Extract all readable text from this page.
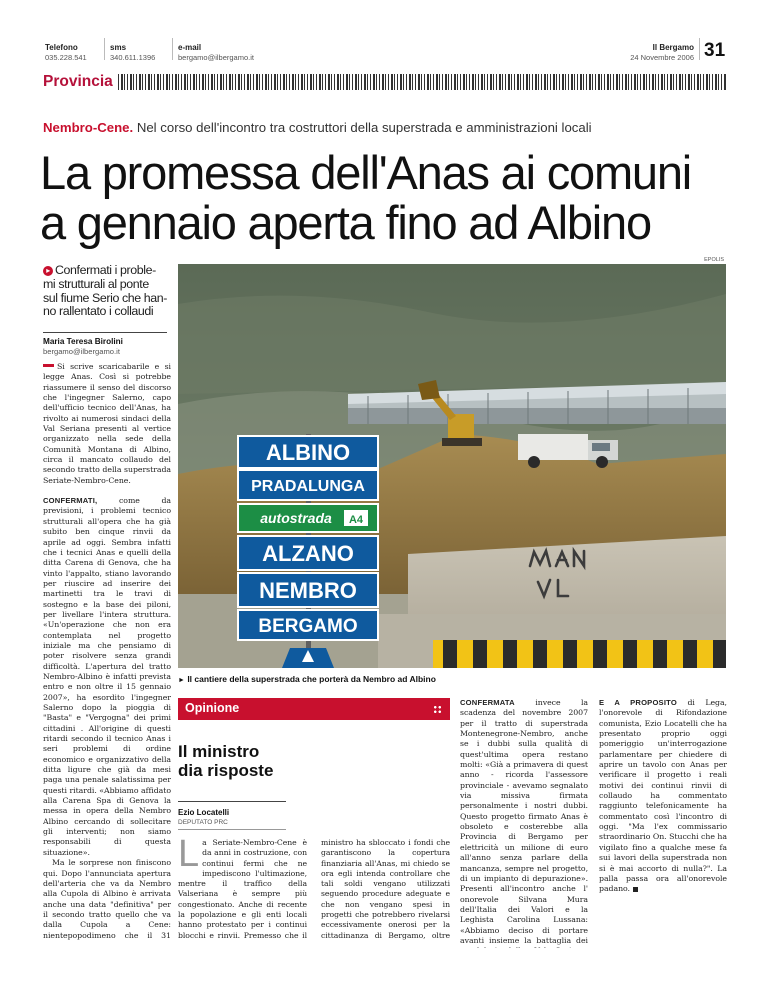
Telefono
035.228.541
sms
340.611.1396
e-mail
bergamo@ilbergamo.it
Il Bergamo
24 Novembre 2006 31
Provincia
Nembro-Cene. Nel corso dell'incontro tra costruttori della superstrada e amministrazioni locali
La promessa dell'Anas ai comuni
a gennaio aperta fino ad Albino
▸ Confermati i proble-
mi strutturali al ponte
sul fiume Serio che han-
no rallentato i collaudi
Maria Teresa Birolini
bergamo@ilbergamo.it

Si scrive scaricabarile e si legge Anas. Così si potrebbe riassumere il senso del discorso che l'ingegner Salerno, capo dell'ufficio tecnico dell'Anas, ha rivolto ai numerosi sindaci della Val Seriana presenti al vertice organizzato nella sede della Comunità Montana di Albino, circa il mancato collaudo del secondo tratto della superstrada Seriate-Nembro-Cene.

CONFERMATI,	come da previsioni, i problemi tecnico strutturali all'opera che ha già subito ben cinque rinvii da aprile ad oggi. Sembra infatti che i tecnici Anas e quelli della ditta Carena di Genova, che ha vinto l'appalto, stiano lavorando per riuscire ad inserire dei martinetti tra le travi di sostegno e la base dei piloni, per livellare l'intera struttura. «Un'operazione che non era contemplata nel progetto iniziale ma che pensiamo di poter risolvere senza grandi difficoltà. L'apertura del tratto Nembro-Albino è infatti prevista entro e non oltre il 15 gennaio 2007», ha esordito l'ingegner Salerno dopo la pioggia di "Basta" e "Vergogna" dei primi cittadini . All'origine di questi ritardi secondo il tecnico Anas i seri problemi di ordine economico e organizzativo della ditta ligure che già da mesi paga una penale salatissima per questi ritardi. «Abbiamo affidato alla Carena Spa di Genova la messa in opera della Nembro Albino cercando di sollecitare gli interventi; non siamo responsabili di questa situazione».

Ma le sorprese non finiscono qui. Dopo l'annunciata apertura dell'arteria che va da Nembro alla Cupola di Albino è arrivata anche una data "definitiva" per il secondo tratto quello che va dalla Cupola a Cene: nientepopodimeno che il 31

EPOLIS
ALBINO
PRADALUNGA
autostrada A4
ALZANO
NEMBRO
BERGAMO
► Il cantiere della superstrada che porterà da Nembro ad Albino
Opinione
Il ministro
dia risposte
Ezio Locatelli
DEPUTATO PRC
La Seriate-Nembro-Cene è da anni in costruzione, con continui fermi che ne impediscono l'ultimazione, mentre il traffico della Valseriana è sempre più congestionato. Anche di recente la popolazione e gli enti locali hanno protestato per i continui blocchi e rinvii. Premesso che il ministro ha sbloccato i fondi che garantiscono la copertura finanziaria all'Anas, mi chiedo se ora egli intenda controllare che tali soldi vengano utilizzati seguendo procedure adeguate e che non vengano spesi in progetti che potrebbero rivelarsi eccessivamente onerosi per la cittadinanza di Bergamo, oltre

CONFERMATA	invece la scadenza del novembre 2007 per il tratto di superstrada Montenegrone-Nembro, anche se i dubbi sulla qualità di quest'ultima opera restano molti: «Già a primavera di quest anno - ricorda l'assessore provinciale - avevamo segnalato via missiva firmata personalmente i nostri dubbi. Questo progetto firmato Anas è obsoleto e costerebbe alla Provincia di Bergamo per elettricità un milione di euro all'anno senza parlare della mancanza, sempre nel progetto, di un impianto di depurazione». Presenti all'incontro anche l' onorevole Silvana Mura dell'Italia dei Valori e la Leghista Carolina Lussana: «Abbiamo deciso di portare avanti insieme la battaglia dei

E A PROPOSITO di Lega, l'onorevole di Rifondazione comunista, Ezio Locatelli che ha presentato proprio oggi pomeriggio un'interrogazione parlamentare per chiedere di aprire un tavolo con Anas per verificare il progetto i reali motivi dei continui rinvii di collaudo ha commentato raggiunto telefonicamente ha commentato così l'incontro di oggi. "Ma l'ex commissario straordinario On. Stucchi che ha vigilato fino a qualche mese fa sui lavori della superstrada non si è mai accorto di nulla?". La palla passa ora all'onorevole padano.
